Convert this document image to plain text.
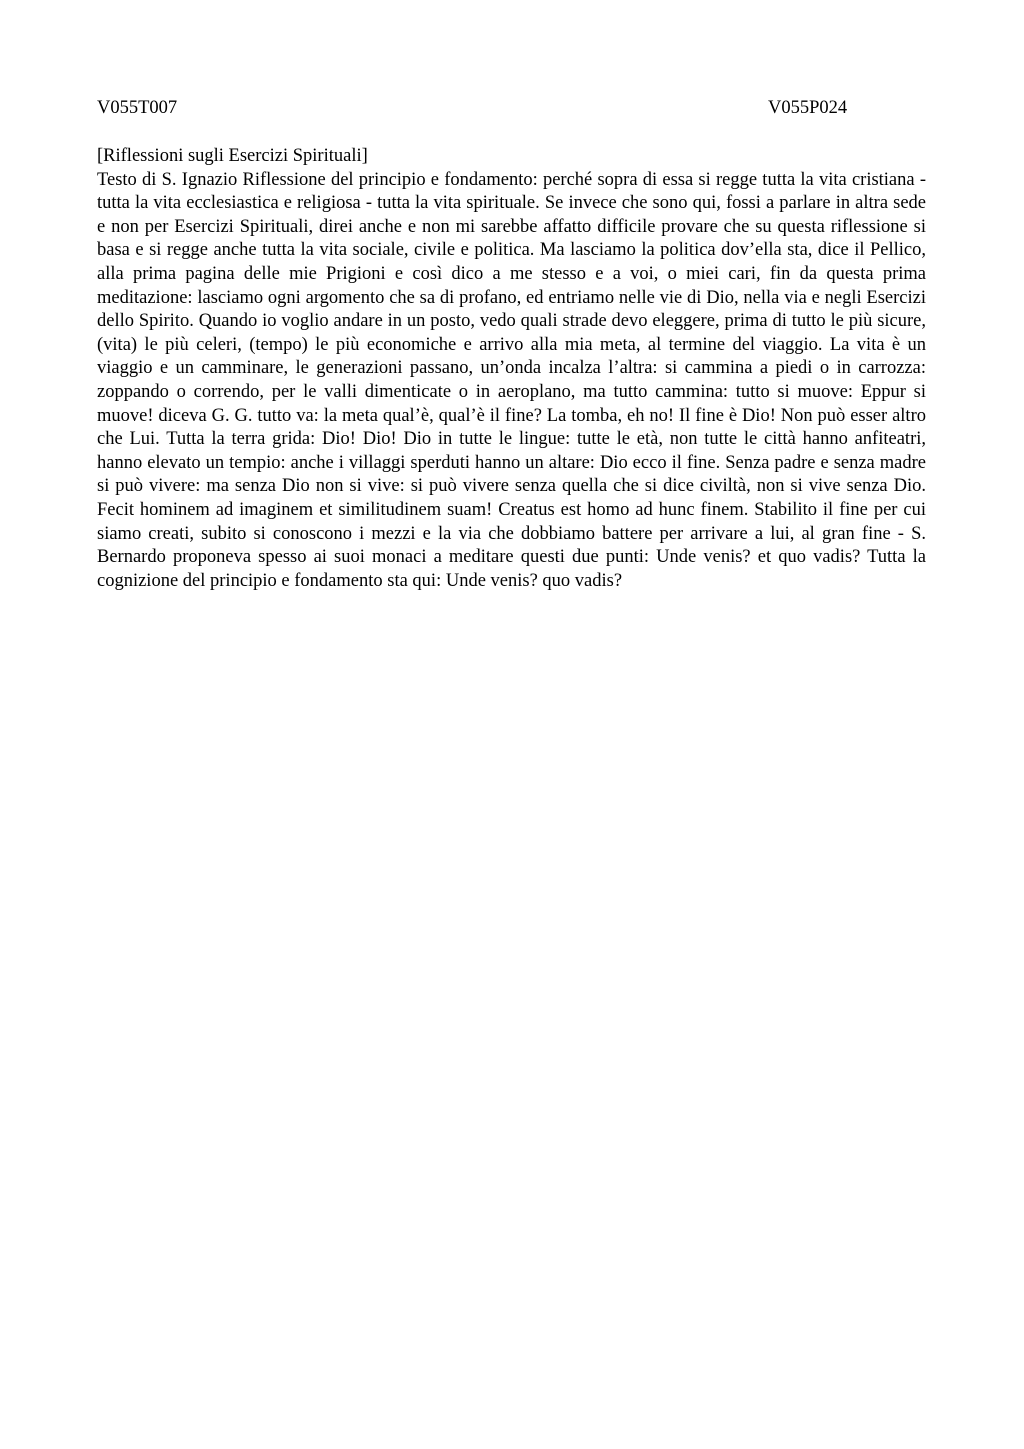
V055T007	V055P024
[Riflessioni sugli Esercizi Spirituali]

Testo di S. Ignazio Riflessione del principio e fondamento: perché sopra di essa si regge tutta la vita cristiana - tutta la vita ecclesiastica e religiosa - tutta la vita spirituale. Se invece che sono qui, fossi a parlare in altra sede e non per Esercizi Spirituali, direi anche e non mi sarebbe affatto difficile provare che su questa riflessione si basa e si regge anche tutta la vita sociale, civile e politica. Ma lasciamo la politica dov’ella sta, dice il Pellico, alla prima pagina delle mie Prigioni e così dico a me stesso e a voi, o miei cari, fin da questa prima meditazione: lasciamo ogni argomento che sa di profano, ed entriamo nelle vie di Dio, nella via e negli Esercizi dello Spirito. Quando io voglio andare in un posto, vedo quali strade devo eleggere, prima di tutto le più sicure, (vita) le più celeri, (tempo) le più economiche e arrivo alla mia meta, al termine del viaggio. La vita è un viaggio e un camminare, le generazioni passano, un’onda incalza l’altra: si cammina a piedi o in carrozza: zoppando o correndo, per le valli dimenticate o in aeroplano, ma tutto cammina: tutto si muove: Eppur si muove! diceva G. G. tutto va: la meta qual’è, qual’è il fine? La tomba, eh no! Il fine è Dio! Non può esser altro che Lui. Tutta la terra grida: Dio! Dio! Dio in tutte le lingue: tutte le età, non tutte le città hanno anfiteatri, hanno elevato un tempio: anche i villaggi sperduti hanno un altare: Dio ecco il fine. Senza padre e senza madre si può vivere: ma senza Dio non si vive: si può vivere senza quella che si dice civiltà, non si vive senza Dio. Fecit hominem ad imaginem et similitudinem suam! Creatus est homo ad hunc finem. Stabilito il fine per cui siamo creati, subito si conoscono i mezzi e la via che dobbiamo battere per arrivare a lui, al gran fine - S. Bernardo proponeva spesso ai suoi monaci a meditare questi due punti: Unde venis? et quo vadis? Tutta la cognizione del principio e fondamento sta qui: Unde venis? quo vadis?
